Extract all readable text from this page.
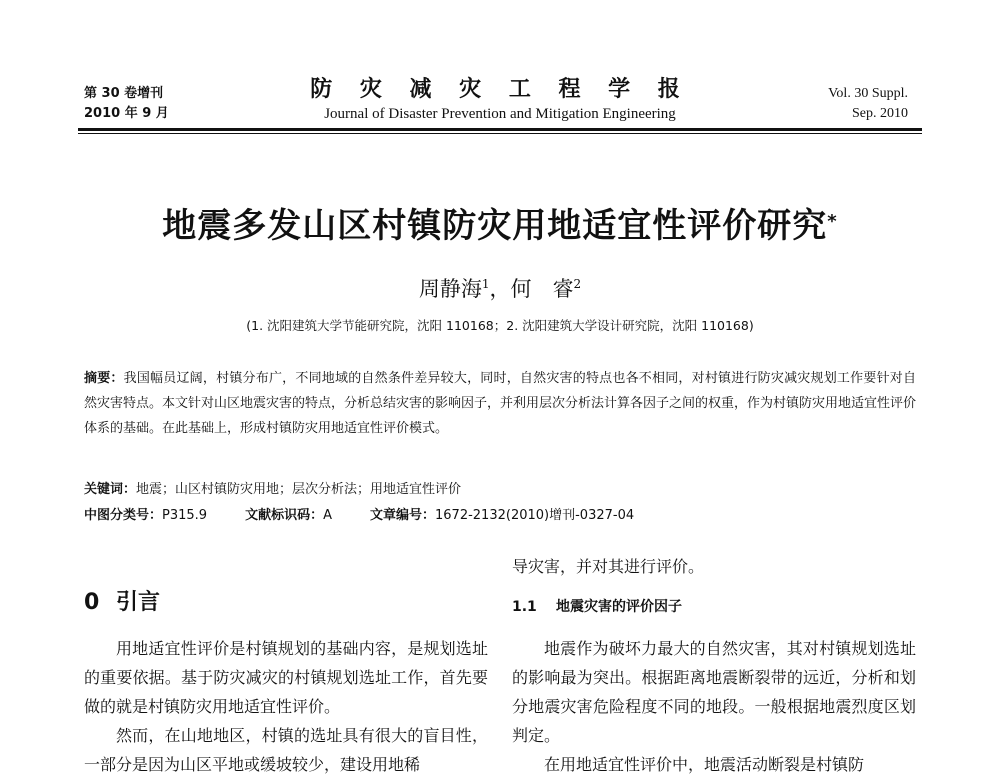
第 30 卷增刊
2010 年 9 月
防 灾 减 灾 工 程 学 报
Journal of Disaster Prevention and Mitigation Engineering
Vol. 30 Suppl.
Sep. 2010
地震多发山区村镇防灾用地适宜性评价研究*
周静海$^1$，何　睿$^2$
(1. 沈阳建筑大学节能研究院，沈阳 110168；2. 沈阳建筑大学设计研究院，沈阳 110168)
摘要：我国幅员辽阔，村镇分布广，不同地域的自然条件差异较大，同时，自然灾害的特点也各不相同，对村镇进行防灾减灾规划工作要针对自然灾害特点。本文针对山区地震灾害的特点，分析总结灾害的影响因子，并利用层次分析法计算各因子之间的权重，作为村镇防灾用地适宜性评价体系的基础。在此基础上，形成村镇防灾用地适宜性评价模式。
关键词：地震；山区村镇防灾用地；层次分析法；用地适宜性评价
中图分类号：P315.9	文献标识码：A	文章编号：1672-2132(2010)增刊-0327-04
0 引言

用地适宜性评价是村镇规划的基础内容，是规划选址的重要依据。基于防灾减灾的村镇规划选址工作，首先要做的就是村镇防灾用地适宜性评价。

然而，在山地地区，村镇的选址具有很大的盲目性，一部分是因为山区平地或缓坡较少，建设用地稀

导灾害，并对其进行评价。
1.1 地震灾害的评价因子

地震作为破坏力最大的自然灾害，其对村镇规划选址的影响最为突出。根据距离地震断裂带的远近，分析和划分地震灾害危险程度不同的地段。一般根据地震烈度区划判定。

在用地适宜性评价中，地震活动断裂是村镇防
